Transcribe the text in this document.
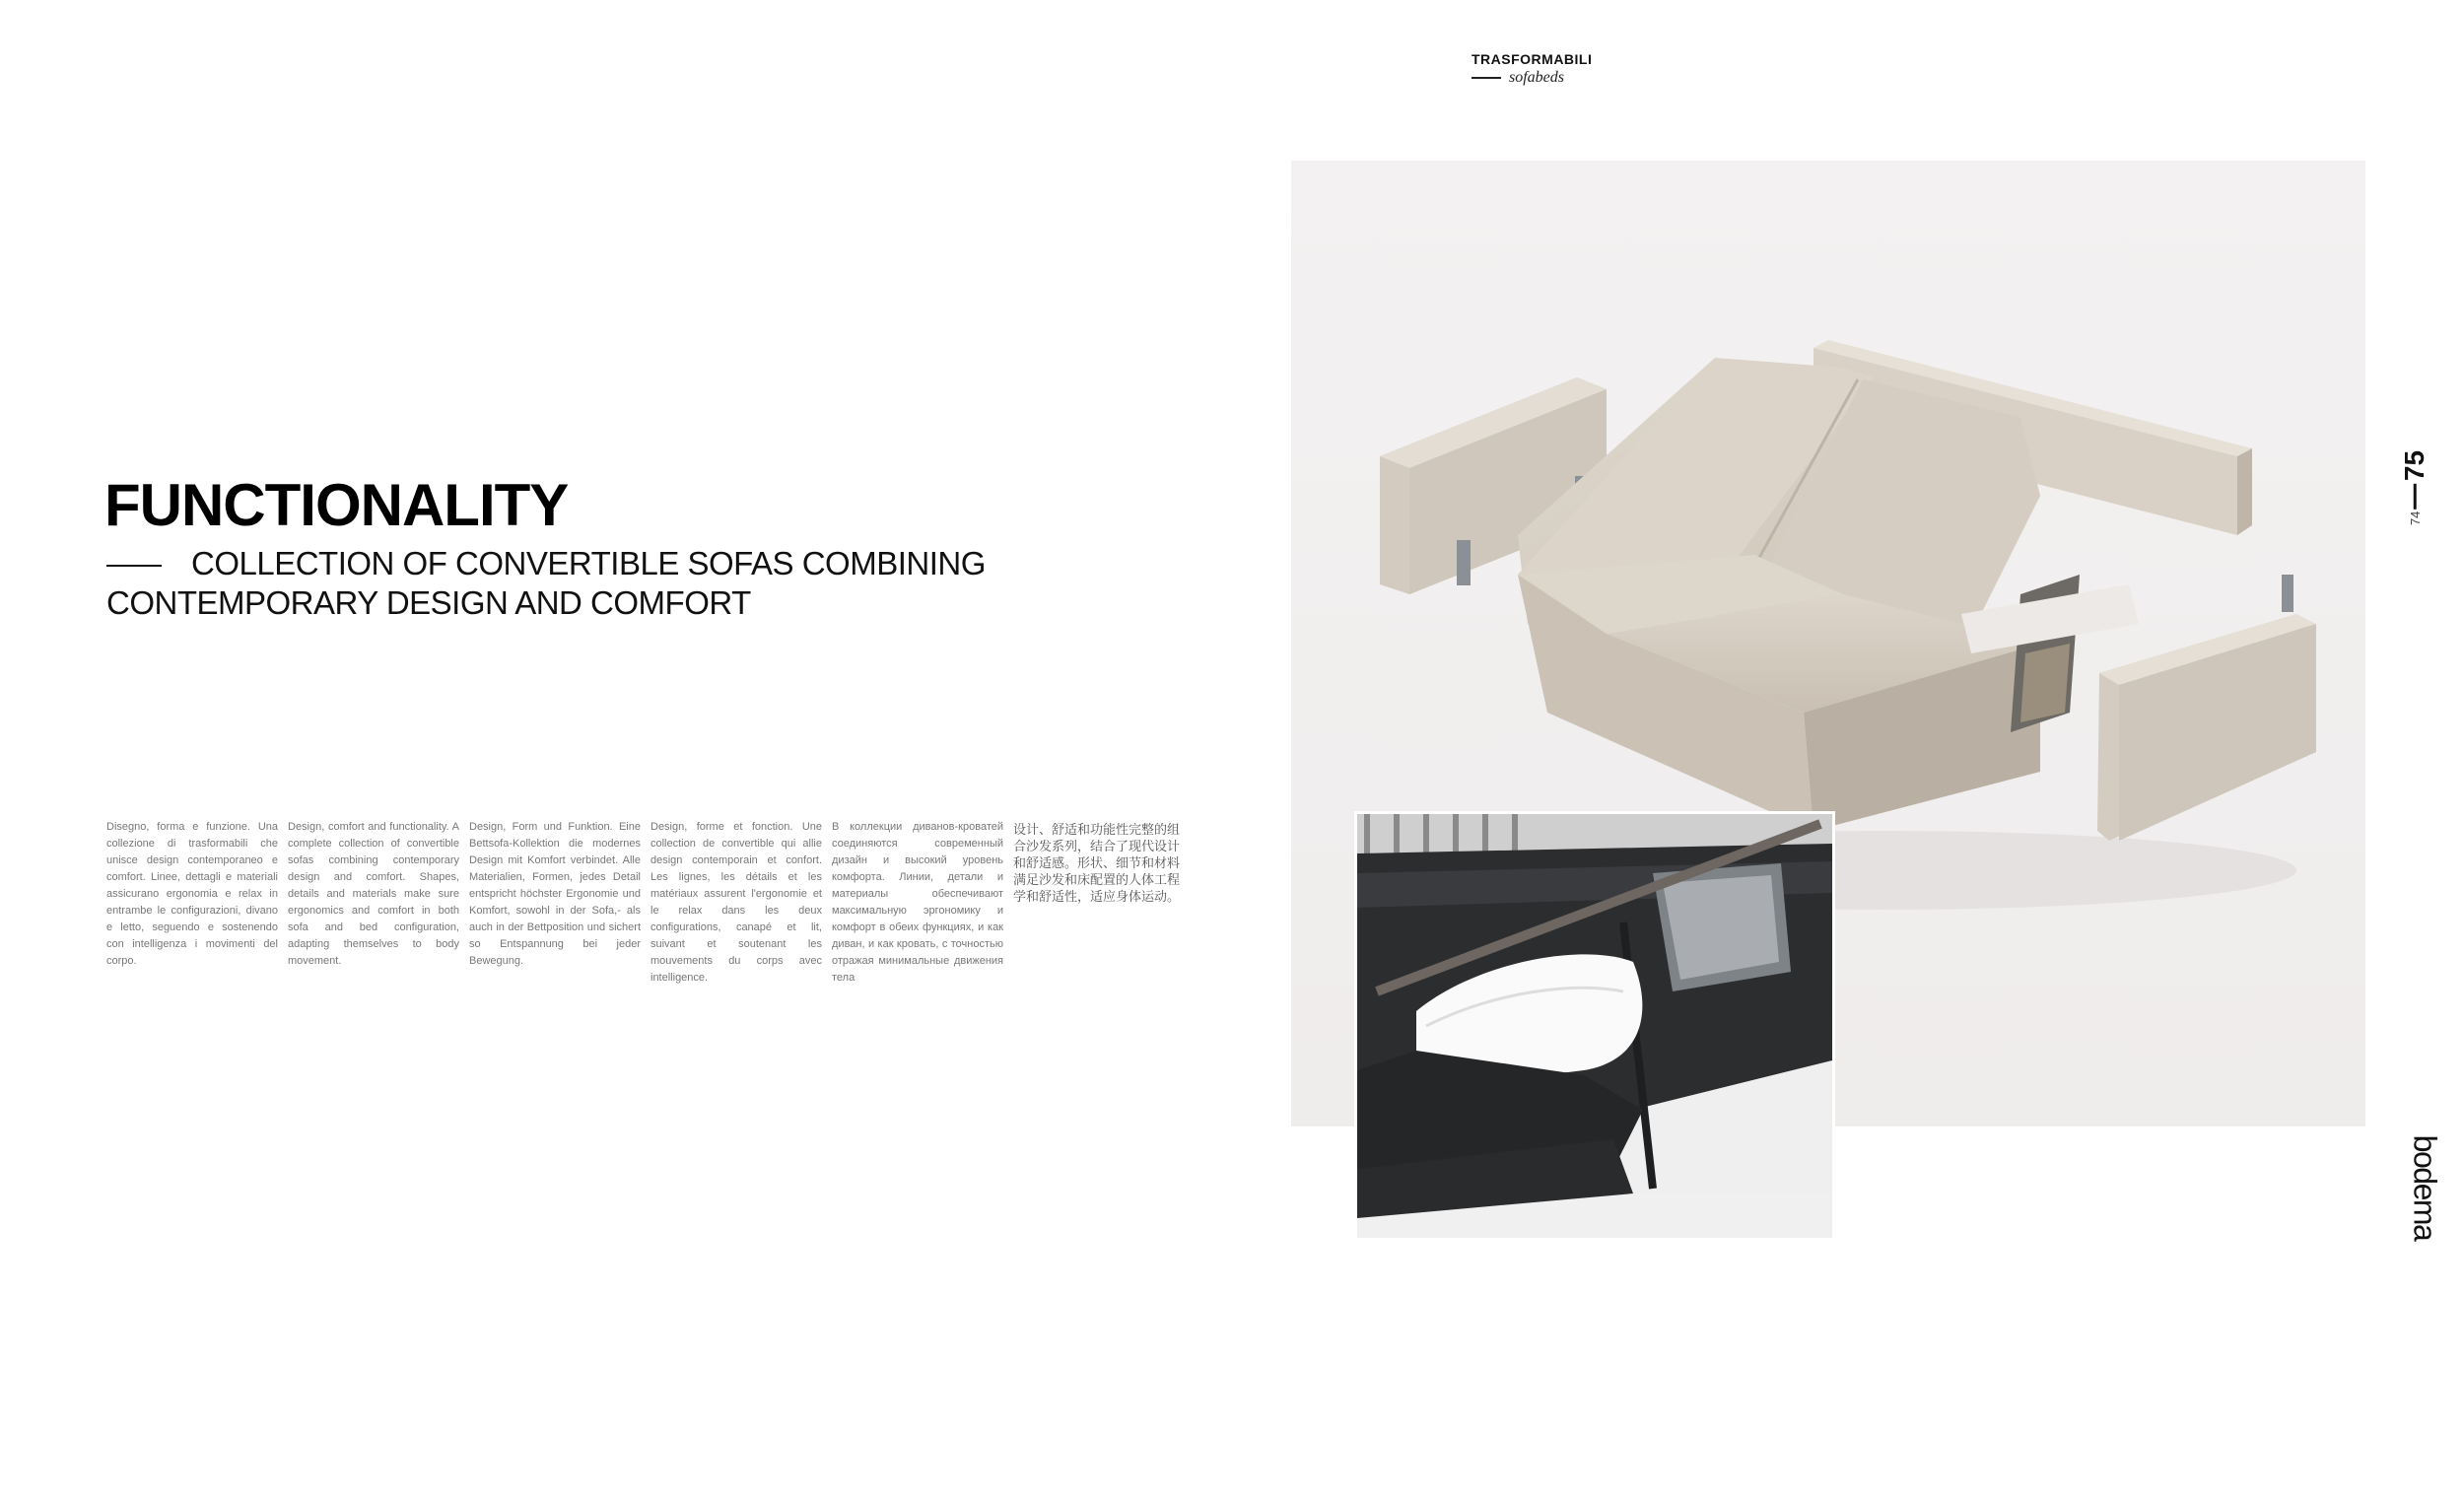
TRASFORMABILI
sofabeds
FUNCTIONALITY
COLLECTION OF CONVERTIBLE SOFAS COMBINING CONTEMPORARY DESIGN AND COMFORT

Disegno, forma e funzione. Una collezione di trasformabili che unisce design contemporaneo e comfort. Linee, dettagli e materiali assicurano ergonomia e relax in entrambe le configurazioni, divano e letto, seguendo e sostenendo con intelligenza i movimenti del corpo.

Design, comfort and functionality. A complete collection of convertible sofas combining contemporary design and comfort. Shapes, details and materials make sure ergonomics and comfort in both sofa and bed configuration, adapting themselves to body movement.

Design, Form und Funktion. Eine Bettsofa-Kollektion die modernes Design mit Komfort verbindet. Alle Materialien, Formen, jedes Detail entspricht höchster Ergonomie und Komfort, sowohl in der Sofa,- als auch in der Bettposition und sichert so Entspannung bei jeder Bewegung.

Design, forme et fonction. Une collection de convertible qui allie design contemporain et confort. Les lignes, les détails et les matériaux assurent l'ergonomie et le relax dans les deux configurations, canapé et lit, suivant et soutenant les mouvements du corps avec intelligence.

В коллекции диванов-кроватей соединяются современный дизайн и высокий уровень комфорта. Линии, детали и материалы обеспечивают максимальную эргономику и комфорт в обеих функциях, и как диван, и как кровать, с точностью отражая минимальные движения тела

设计、舒适和功能性完整的组合沙发系列，结合了现代设计和舒适感。形状、细节和材料满足沙发和床配置的人体工程学和舒适性，适应身体运动。

74
75
bodema
